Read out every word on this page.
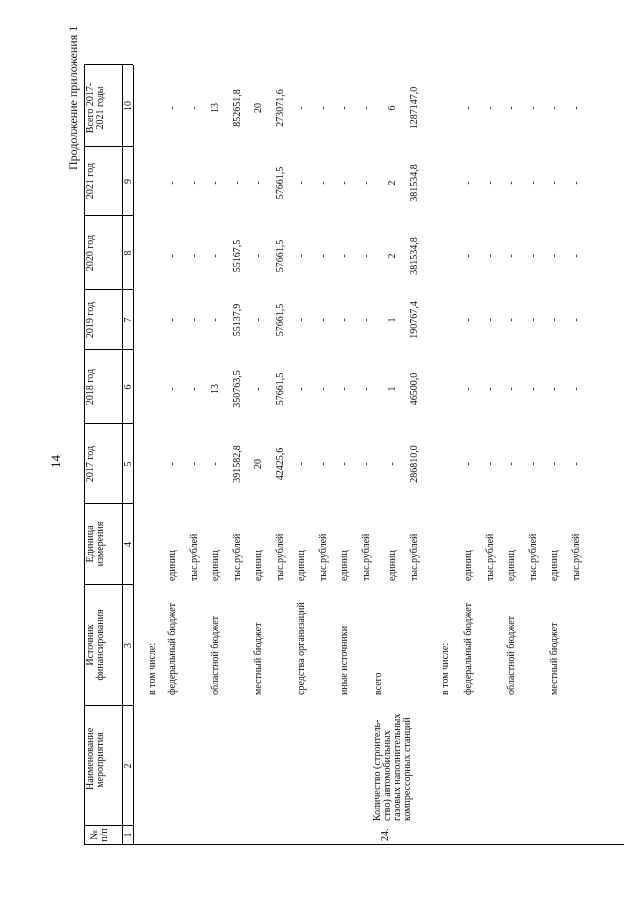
14
Продолжение приложения 1
№ п/п
Наименование мероприятия
Источник финансирования
Единица измерения
2017 год
2018 год
2019 год
2020 год
2021 год
Всего 2017-2021 годы
1
2
3
4
5
6
7
8
9
10
в том числе: федеральный бюджет
единиц
-
-
-
-
-
-
тыс.рублей
-
-
-
-
-
-
областной бюджет
единиц
-
13
-
-
-
13
тыс.рублей
391582,8
350763,5
55137,9
55167,5
-
852651,8
местный бюджет
единиц
20
-
-
-
-
20
тыс.рублей
42425,6
57661,5
57661,5
57661,5
57661,5
273071,6
средства организаций
единиц
-
-
-
-
-
-
тыс.рублей
-
-
-
-
-
-
иные источники
единиц
-
-
-
-
-
-
тыс.рублей
-
-
-
-
-
-
24.
Количество (строитель- ство) автомобильных газовых наполнительных компрессорных станций
всего
единиц
-
1
1
2
2
6
тыс.рублей
286810,0
46500,0
190767,4
381534,8
381534,8
1287147,0
в том числе: федеральный бюджет
единиц
-
-
-
-
-
-
тыс.рублей
-
-
-
-
-
-
областной бюджет
единиц
-
-
-
-
-
-
тыс.рублей
-
-
-
-
-
-
местный бюджет
единиц
-
-
-
-
-
-
тыс.рублей
-
-
-
-
-
-
